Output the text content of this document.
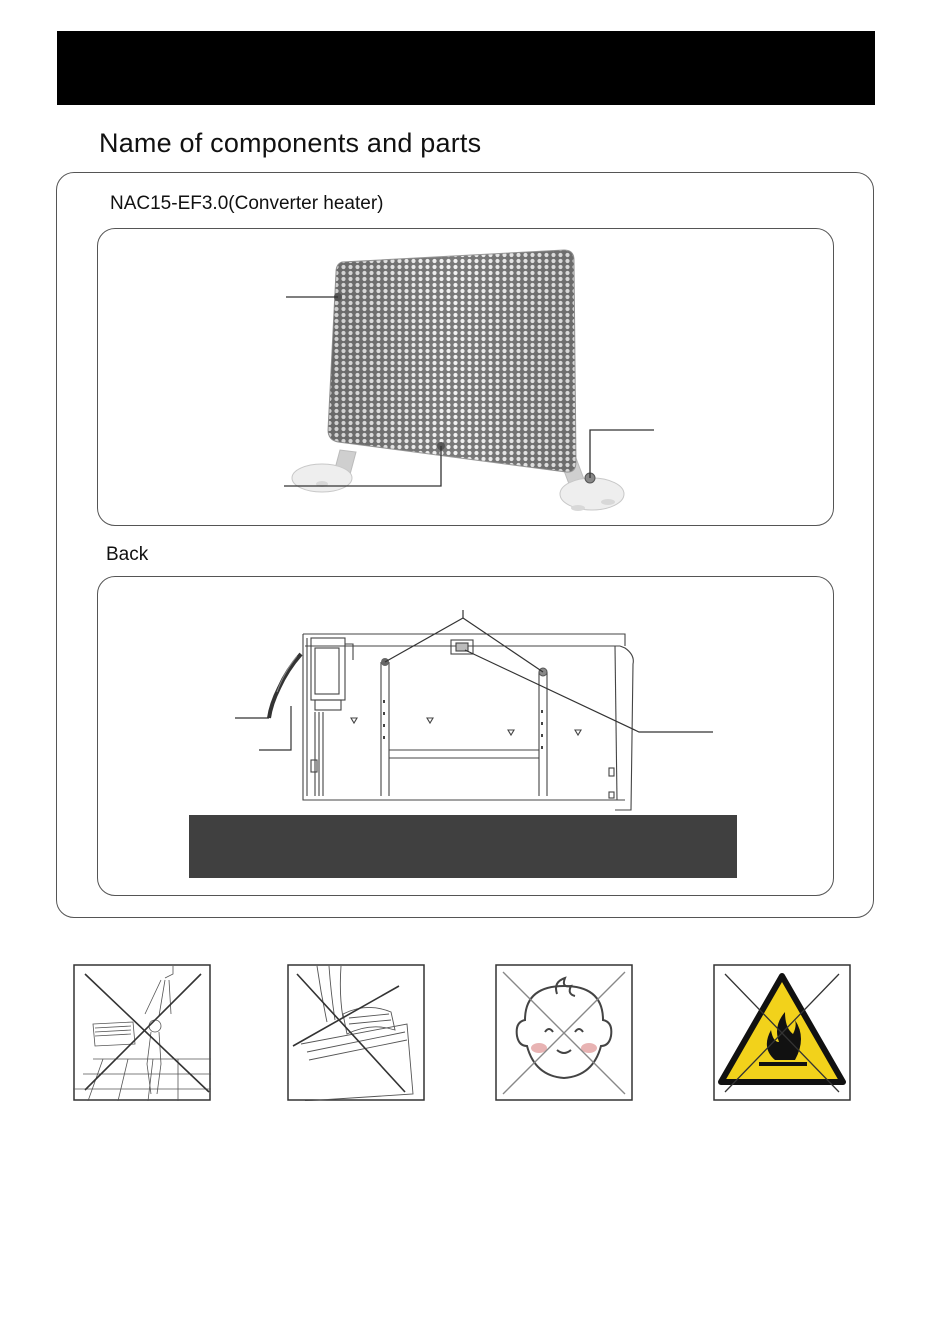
Name of components and parts
NAC15-EF3.0(Converter heater)
Back
